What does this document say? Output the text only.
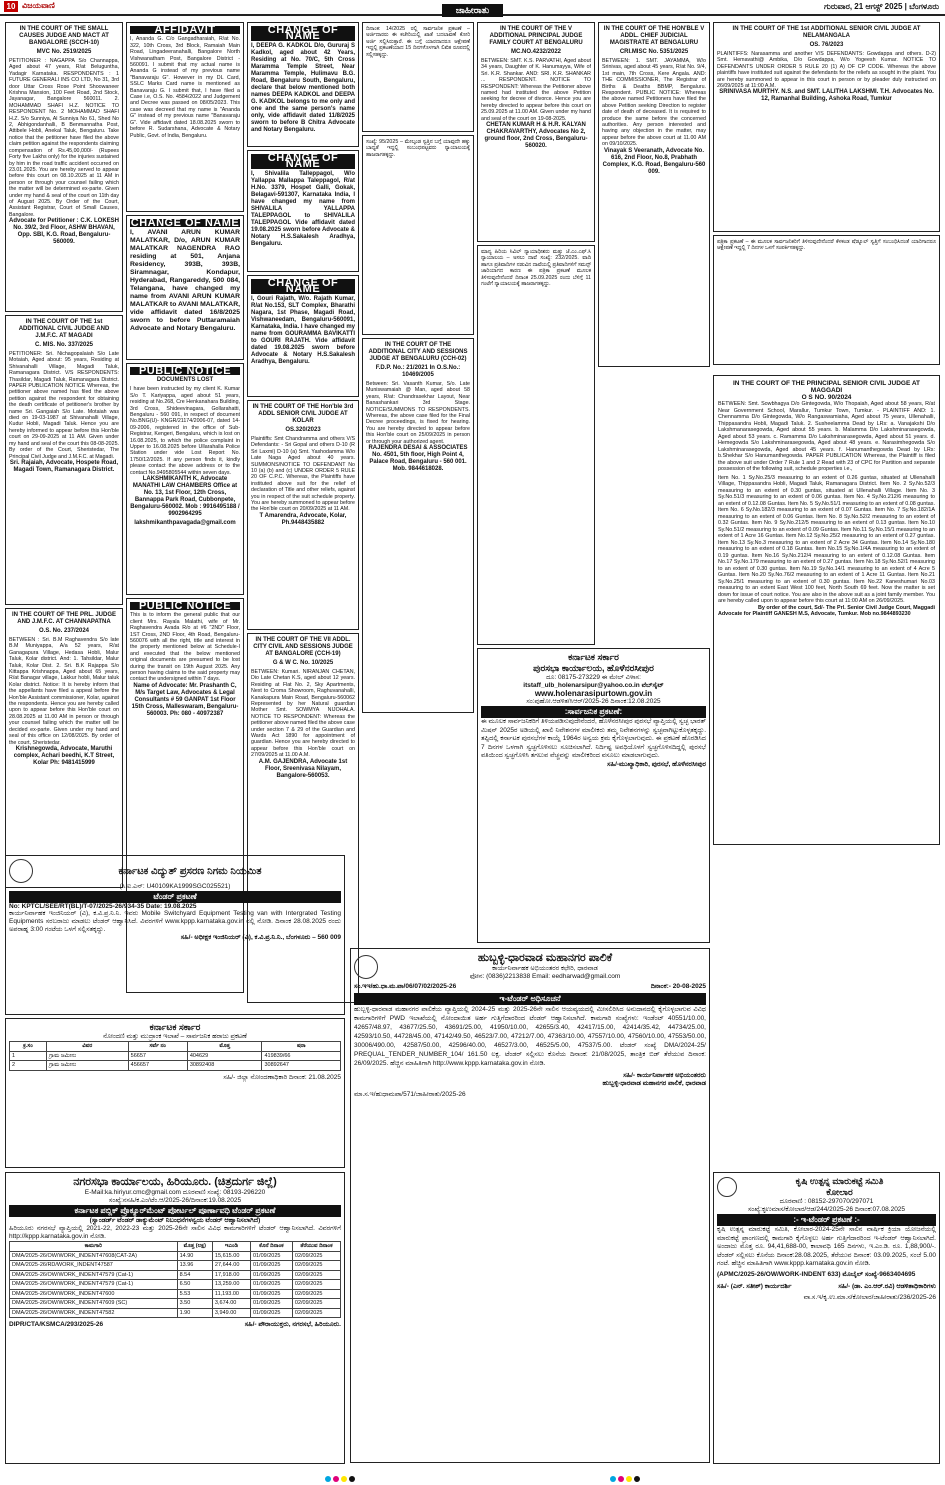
10 ವಿಜಯವಾಣಿ	ಜಾಹೀರಾತು	ಗುರುವಾರ, 21 ಆಗಸ್ಟ್ 2025 | ಬೆಂಗಳೂರು
IN THE COURT OF THE SMALL CAUSES JUDGE AND MACT AT BANGALORE (SCCH-10)
MVC No. 2519/2025
PETITIONER : NAGAPPA S/o Channappa, Aged about 47 years, R/at Beluguntha, Yadagir Karnataka. RESPONDENTS : 1 FUTURE GENERALI INS CO LTD, No 31, 3rd door Uttar Cross Rose Point Shoowaneer Krishna Mansion, 100 Feet Road, 2nd Stock, Jayanagar, Bangalore 560011. 2. MOHAMMAD SHAFI H.Z. NOTICE TO RESPONDENT No. 2 MOHAMMAD SHAFI H.Z. S/o Sunniya, Al Sunniya No 61, Shed No 2, Abhigondanhalli, B Benmannatha Post, Attibele Hobli, Anekal Taluk, Bengaluru. Take notice that the petitioner have filed the above claim petition against the respondents claiming compensation of Rs.45,00,000/- (Rupees Forty five Lakhs only) for the injuries sustained by him in the road traffic accident occurred on 23.01.2025. You are hereby served to appear before this court on 08.10.2025 at 11 AM in person or through your counsel failing which the matter will be determined ex-parte. Given under my hand & seal of the court on 11th day of August 2025. By Order of the Court, Assistant Registrar, Court of Small Causes, Bangalore.
Advocate for Petitioner : C.K. LOKESH No. 39/2, 3rd Floor, ASHW BHAVAN, Opp. SBI, K.G. Road, Bengaluru-560009.
IN THE COURT OF THE 1st ADDITIONAL CIVIL JUDGE AND J.M.F.C. AT MAGADI
C. MIS. No. 337/2025
PETITIONER: Sri. Nichagopalaiah S/o Late Motaiah, Aged about: 95 years, Residing at Shivanahalli Village, Magadi Taluk, Ramanagara District. V/S RESPONDENTS: Thasildar, Magadi Taluk, Ramanagara District. PAPER PUBLICATION NOTICE Whereas, the petitioner above named has filed the above petition against the respondent for obtaining the death certificate of petitioner's brother by name Sri. Gangaiah S/o Late. Motaiah was died on 19-03-1987 at Shivanahalli Village, Kudur Hobli, Magadi Taluk. Hence you are hereby informed to appear before this Hon'ble court on 29-09-2025 at 11 AM. Given under my hand and seal of the court this 08-08-2025. By order of the Court, Sheristedar, The Principal Civil Judge and J.M.F.C. at Magadi.
Sri. Rajaiah, Advocate, Hospete Road, Magadi Town, Ramanagara District.
IN THE COURT OF THE PRL. JUDGE AND J.M.F.C. AT CHANNAPATNA
O.S. No. 237/2024
BETWEEN : Sri. B.M Raghavendra S/o late B.M Muniyappa, A/a 52 years, R/at Ganagapura Village, Hedasa Hobli, Malur Taluk, Kolar district. And: 1. Tahsildar, Malur Taluk, Kolar Dist. 2. Sri. B.K Rajappa S/o Kittappa Krishnappa, Aged about 65 years, R/at Banagar village, Lakkur hobli, Malur taluk Kolar district. Notice: It is hereby inform that the appellants have filed a appeal before the Hon'ble Assistant commissioner, Kolar, against the respondents. Hence you are hereby called upon to appear before this Hon'ble court on 28.08.2025 at 11.00 AM in person or through your counsel failing which the matter will be decided ex-parte. Given under my hand and seal of this office on 12/08/2025. By order of the court, Sheristedar.
Krishnegowda, Advocate, Maruthi complex, Achari beedhi, K.T Street, Kolar Ph: 9481415999
AFFIDAVIT
I, Ananda G. C/o Gangadharaiah, R/at No. 322, 10th Cross, 3rd Block, Ramaiah Main Road, Lingadeeranahalli, Bangalore North Vishwanatham Post, Bangalore District - 560091. I submit that my actual name is Ananda G instead of my previous name "Banavaraju G". However in my DL Card, SSLC Marks Card name is mentioned as Banavaraju G. I submit that, I have filed a Case i.e, O.S. No. 4584/2022 and Judgement and Decree was passed on 08/05/2023. This case was decreed that my name is "Ananda G" instead of my previous name "Banavaraju G". Vide affidavit dated 18.08.2025 sworn to before R. Sudarshana, Advocate & Notary Public, Govt. of India, Bengaluru.
CHANGE OF NAME
I, AVANI ARUN KUMAR MALATKAR, D/o, ARUN KUMAR MALATKAR NAGENDRA RAO residing at 501, Anjana Residency, 393B, 393B, Siramnagar, Kondapur, Hyderabad, Rangareddy, 500 084, Telangana, have changed my name from AVANI ARUN KUMAR MALATKAR to AVANI MALATKAR, vide affidavit dated 16/8/2025 sworn to before Puttaramaiah Advocate and Notary Bengaluru.
PUBLIC NOTICE
DOCUMENTS LOST
I have been instructed by my client K. Kumar S/o T. Kariyappa, aged about 51 years, residing at No.268, Cre Henkanahara Building, 3rd Cross, Shideevinagara, Gollarahatti, Bengaluru - 560 091, in respect of document No.BNG(U)- KNGR/21174/2006-07, dated 14-09-2006, registered in the office of Sub-Registrar, Kengeri, Bengaluru, which is lost on 16.08.2025, to which the police complaint in Upper to 16.08.2025 before Ullarahalla Police Station under vide Lost Report No. 1750/12/2025. If any person finds it, kindly please contact the above address or to the contact No.9495805544 within seven days.
LAKSHMIKANTH K, Advocate MANATHI LAW CHAMBERS Office at No. 13, 1st Floor, 12th Cross, Bannappa Park Road, Cubbonpete, Bengaluru-560002. Mob : 9916495188 / 9902964295
lakshmikanthpavagada@gmail.com
PUBLIC NOTICE
This is to inform the general public that our client Mrs. Rayala Malathi, wife of Mr. Raghavendra Avada R/o at #6 "2ND" Floor, 1ST Cross, 2ND Floor, 4th Road, Bengaluru-560076 with all the right, title and interest in the property mentioned below at Schedule-I and executed that the below mentioned original documents are presumed to be lost during the transit on 19th August 2025. Any person having claims to the said property may contact the undersigned within 7 days.
Name of Advocate: Mr. Prashanth C, M/s Target Law, Advocates & Legal Consultants # 59 GANPAT 1st Floor 15th Cross, Malleswaram, Bengaluru-560003. Ph: 080 - 40972387
CHANGE OF NAME
I, DEEPA G. KADKOL D/o, Gururaj S Kadkol, aged about 42 Years, Residing at No. 70/C, 5th Cross Maramma Temple Street, Near Maramma Temple, Hulimavu B.G. Road, Bengaluru South, Bengaluru, declare that below mentioned both names DEEPA KADKOL and DEEPA G. KADKOL belongs to me only and one and the same person's name only, vide affidavit dated 11/8/2025 sworn to before B Chitra Advocate and Notary Bengaluru.
CHANGE OF NAME
I, Shivalila Talleppagol, W/o Yallappa Mallappa Taleppagol, R/at H.No. 3379, Hospet Galli, Gokak, Belagavi-591307, Karnataka India, I have changed my name from SHIVALILA YALLAPPA TALEPPAGOL to SHIVALILA TALEPPAGOL Vide affidavit dated 19.08.2025 sworn before Advocate & Notary H.S.Sakalesh Aradhya, Bengaluru.
CHANGE OF NAME
I, Gouri Rajath, W/o. Rajath Kumar, R/at No.153, SLT Complex, Bharathi Nagara, 1st Phase, Magadi Road, Vishwaneedam, Bengaluru-560091, Karnataka, India. I have changed my name from GOURAMMA BAVIKATTI to GOURI RAJATH. Vide affidavit dated 19.08.2025 sworn before Advocate & Notary H.S.Sakalesh Aradhya, Bengaluru.
IN THE COURT OF THE Hon'ble 3rd ADDL SENIOR CIVIL JUDGE AT KOLAR
OS.320/2023
Plaintiffs: Smt Chandramma and others V/S Defendants: - Sri Gopal and others D-10 (R Sri Laxmi) D-10 (a) Smt. Yashodamma W/o Late Naga Aged about 40 years. SUMMONS/NOTICE TO DEFENDANT No 10 (a) (b) and (c) UNDER ORDER 5 RULE 20 OF C.P.C. Whereas, the Plaintiffs have instituted above suit for the relief of declaration of Title and other reliefs, against you in respect of the suit schedule property. You are hereby summoned to appear before the Hon'ble court on 20/09/2025 at 11 AM.
T Amarendra, Advocate, Kolar, Ph.9448435882
IN THE COURT OF THE VII ADDL. CITY CIVIL AND SESSIONS JUDGE AT BANGALORE (CCH-19)
G & W C. No. 10/2025
BETWEEN: Kumari. NIRANJAN CHETAN, Dio Late Chetan K.S, aged about 12 years. Residing at Flat No. 2, Sky Apartments, Next to Croma Showroom, Raghuvanahalli, Kanakapura Main Road, Bengaluru-560062 Represented by her Natural guardian Mother Smt. SOWMYA NIJOHALA. NOTICE TO RESPONDENT: Whereas the petitioner above named filed the above case under section 7 & 29 of the Guardian and Wards Act 1890 for appointment of guardian. Hence you are hereby directed to appear before this Hon'ble court on 27/09/2025 at 11.00 A.M.
A.M. GAJENDRA, Advocate 1st Floor, Sreenivasa Nilayam, Bangalore-560053.
ದಿನಾಂಕ: 14/2025 ರಲ್ಲಿ ಸಾರ್ವಜನಿಕ ಪ್ರಕಟಣೆ – ಅರ್ಜಿದಾರರು ಈ ಕಚೇರಿಯಲ್ಲಿ ಖಾತೆ ಬದಲಾವಣೆ ಕೋರಿ ಅರ್ಜಿ ಸಲ್ಲಿಸಿರುತ್ತಾರೆ. ಈ ಬಗ್ಗೆ ಯಾರದಾದರೂ ಆಕ್ಷೇಪಣೆ ಇದ್ದಲ್ಲಿ ಪ್ರಕಟಣೆಯಾದ 15 ದಿನಗಳೊಳಗಾಗಿ ಲಿಖಿತ ರೂಪದಲ್ಲಿ ಸಲ್ಲಿಸತಕ್ಕದ್ದು.
ಸಂಖ್ಯೆ: 95/2025 – ಮೇಲ್ಕಂಡ ಸ್ವತ್ತಿನ ಬಗ್ಗೆ ಯಾವುದೇ ಹಕ್ಕು ಬಾಧ್ಯತೆ ಇದ್ದಲ್ಲಿ ಸಂಬಂಧಪಟ್ಟವರು ನ್ಯಾಯಾಲಯಕ್ಕೆ ಹಾಜರಾಗತಕ್ಕದ್ದು.
IN THE COURT OF THE ADDITIONAL CITY AND SESSIONS JUDGE AT BENGALURU (CCH-02)
F.D.P. No.: 21/2021 In O.S.No.: 10469/2005
Between: Sri. Vasanth Kumar, S/o. Late Muniswamaiah @ Man, aged about 58 years, R/at: Chandrasekhar Layout, Near Banashankari 3rd Stage. NOTICE/SUMMONS TO RESPONDENTS. Whereas, the above case filed for the Final Decree proceedings, is fixed for hearing. You are hereby directed to appear before this Hon'ble court on 25/09/2025 in person or through your authorized agent.
RAJENDRA DESAI & ASSOCIATES No. 4501, 5th floor, High Point 4, Palace Road, Bengaluru - 560 001. Mob. 9844618028.
IN THE COURT OF THE V ADDITIONAL PRINCIPAL JUDGE FAMILY COURT AT BENGALURU
MC.NO.4232/2022
BETWEEN: SMT. K.S. PARVATHI, Aged about 34 years, Daughter of K. Hanumayya, Wife of Sri. K.R. Shankar. AND: SRI. K.R. SHANKAR ... RESPONDENT. NOTICE TO RESPONDENT: Whereas the Petitioner above named had instituted the above Petition seeking for decree of divorce. Hence you are hereby directed to appear before this court on 25.09.2025 at 11.00 AM. Given under my hand and seal of the court on 19-08-2025.
CHETAN KUMAR H & H.R. KALYAN CHAKRAVARTHY, Advocates No 2, ground floor, 2nd Cross, Bengaluru-560020.
ಮಾನ್ಯ ಹಿರಿಯ ಸಿವಿಲ್ ನ್ಯಾಯಾಧೀಶರು ಮತ್ತು ಜೆ.ಎಂ.ಎಫ್.ಸಿ ನ್ಯಾಯಾಲಯ – ಅಸಲು ದಾವೆ ಸಂಖ್ಯೆ: 232/2025. ವಾದಿ ಹಾಗೂ ಪ್ರತಿವಾದಿಗಳ ನಡುವಿನ ದಾವೆಯಲ್ಲಿ ಪ್ರತಿವಾದಿಗಳಿಗೆ ಸಮನ್ಸ್ ಜಾರಿಯಾಗದ ಕಾರಣ ಈ ಪತ್ರಿಕಾ ಪ್ರಕಟಣೆ ಮೂಲಕ ತಿಳಿಸುವುದೇನೆಂದರೆ ದಿನಾಂಕ 25.09.2025 ರಂದು ಬೆಳಿಗ್ಗೆ 11 ಗಂಟೆಗೆ ನ್ಯಾಯಾಲಯಕ್ಕೆ ಹಾಜರಾಗತಕ್ಕದ್ದು.
IN THE COURT OF THE HON'BLE V ADDL. CHIEF JUDICIAL MAGISTRATE AT BENGALURU
CRI.MISC No. 5351/2025
BETWEEN: 1. SMT. JAYAMMA, W/o Srinivas, aged about 45 years, R/at No. 9/4, 1st main, 7th Cross, Kere Angala. AND: THE COMMISSIONER, The Registrar of Births & Deaths BBMP, Bengaluru. Respondent. PUBLIC NOTICE: Whereas the above named Petitioners have filed the above Petition seeking Direction to register date of death of deceased. It is required to produce the same before the concerned authorities. Any person interested and having any objection in the matter, may appear before the above court at 11.00 AM on 09/10/2025.
Vinayak S Veeranath, Advocate No. 616, 2nd Floor, No.8, Prabhath Complex, K.G. Road, Bengaluru-560 009.
IN THE COURT OF THE 1st ADDITIONAL SENIOR CIVIL JUDGE AT NELAMANGALA
OS. 76/2023
PLAINTIFFS: Narasamma and another V/S DEFENDANTS: Gowdappa and others. D-2) Smt. Hemavathi@ Ambika, D/o Gowdappa, W/o Yogeesh Kumar. NOTICE TO DEFENDANTS UNDER ORDER 5 RULE 20 (1) A) OF CP CODE. Whereas the above plaintiffs have instituted suit against the defendants for the reliefs as sought in the plaint. You are hereby summoned to appear in this court in person or by pleader duly instructed on 26/09/2025 at 11:00 A.M.
SRINIVASA MURTHY. N.S. and SMT. LALITHA LAKSHMI. T.H. Advocates No. 12, Ramanhal Building, Ashoka Road, Tumkur
ಪತ್ರಿಕಾ ಪ್ರಕಟಣೆ – ಈ ಮೂಲಕ ಸಾರ್ವಜನಿಕರಿಗೆ ತಿಳಿಸುವುದೇನೆಂದರೆ ಕೆಳಕಂಡ ಷೆಡ್ಯೂಲ್ ಸ್ವತ್ತಿಗೆ ಸಂಬಂಧಿಸಿದಂತೆ ಯಾರಿಗಾದರೂ ಆಕ್ಷೇಪಣೆ ಇದ್ದಲ್ಲಿ 7 ದಿನಗಳ ಒಳಗೆ ಸಂಪರ್ಕಿಸತಕ್ಕದ್ದು.
IN THE COURT OF THE PRINCIPAL SENIOR CIVIL JUDGE AT MAGGADI
O S NO. 90/2024
BETWEEN: Smt. Sowbhagya D/o Gintegowda, W/o Thopaiah, Aged about 58 years, R/at Near Government School, Marallur, Tumkur Town, Tumkur. - PLAINTIFF AND: 1. Chennamma D/o Gintegowda, W/o Rangaswamiaha, Aged about 75 years, Ullenahalli, Thippasandra Hobli, Magadi Taluk. 2. Susheelamma Dead by LRs: a. Vanajakshi D/o Lakshmanarasegowda, Aged about 55 years. b. Malamma D/o Lakshminarasegowda, Aged about 53 years. c. Ramamma D/o Lakshminarasegowda, Aged about 51 years. d. Hemegowda S/o Lakshminarasegowda, Aged about 48 years. e. Narasimhegowda S/o Lakshminarasegowda, Aged about 45 years. f. Hanumanthegowda Dead by LRs: b.Shekhar S/o Hanumanthegowda. PAPER PUBLICATION Whereas, the Plaintiff is filed the above suit under Order 7 Rule 1 and 2 Read with 23 of CPC for Partition and separate possession of the following suit, schedule properties i.e.,
Item No. 1 Sy.No.25/3 measuring to an extent of 0.26 guntas, situated at Ullenahalli Village, Thippasandra Hobli, Magadi Taluk, Ramanagara District. Item No. 2 Sy.No.52/3 measuring to an extent of 0.30 guntas, situated at Ullenahalli Village. Item No. 3 Sy.No.51/3 measuring to an extent of 0.06 guntas. Item No. 4 Sy.No.212/6 measuring to an extent of 0.12.08 Guntas. Item No. 5 Sy.No.51/1 measuring to an extent of 0.08 guntas. Item No. 6 Sy.No.182/3 measuring to an extent of 0.07 Guntas. Item No. 7 Sy.No.182/1A measuring to an extent of 0.06 Guntas. Item No. 8 Sy.No.52/2 measuring to an extent of 0.32 Guntas. Item No. 9 Sy.No.212/5 measuring to an extent of 0.13 guntas. Item No.10 Sy.No.51/2 measuring to an extent of 0.09 Guntas. Item No.11 Sy.No.15/1 measuring to an extent of 1 Acre 16 Guntas. Item No.12 Sy.No.25/2 measuring to an extent of 0.27 guntas. Item No.13 Sy.No.3 measuring to an extent of 2 Acre 34 Guntas. Item No.14 Sy.No.180 measuring to an extent of 0.18 Guntas. Item No.15 Sy.No.1/4A measuring to an extent of 0.19 guntas. Item No.16 Sy.No.212/4 measuring to an extent of 0.12.08 Guntas. Item No.17 Sy.No.179 measuring to an extent of 0.27 guntas. Item No.18 Sy.No.52/1 measuring to an extent of 0.30 guntas. Item No.19 Sy.No.14/1 measuring to an extent of 4 Acre 5 Guntas. Item No.20 Sy.No.76/2 measuring to an extent of 1 Acre 11 Guntas. Item No.21 Sy.No.25/1 measuring to an extent of 0.30 guntas. Item No.22 Kaneshumari No.03 measuring to an extent East West 100 feet, North South 69 feet. Now the matter is set down for issue of court notice. You are also in the above suit as a joint family member. You are hereby called upon to appear before this court at 11:00 AM on 26/09/2025.
By order of the court, Sd/- The Prl. Senior Civil Judge Court, Maggadi
Advocate for Plaintiff GANESH M.S, Advocate, Tumkur. Mob no.9844893230
ಕರ್ನಾಟಕ ವಿದ್ಯುತ್ ಪ್ರಸರಣ ನಿಗಮ ನಿಯಮಿತ
(ಸಿ.ಐ.ಎನ್: U40109KA1999SGC025521)
ಟೆಂಡರ್ ಪ್ರಕಟಣೆ
No: KPTCL/SEE/RT(BL)/T-07/2025-26/934-35 Date: 19.08.2025
ಕಾರ್ಯನಿರ್ವಾಹಕ ಇಂಜಿನಿಯರ್ (ವಿ), ಕ.ವಿ.ಪ್ರ.ನಿ.ನಿ. ಇವರು Mobile Switchyard Equipment Testing van with Intergrated Testing Equipments ಸರಬರಾಜು ಮಾಡಲು ಟೆಂಡರ್ ಆಹ್ವಾನಿಸಿದೆ. ವಿವರಗಳಿಗೆ www.kppp.karnataka.gov.in ನಲ್ಲಿ ನೋಡಿ. ದಿನಾಂಕ 28.08.2025 ರಂದು ಅಪರಾಹ್ನ 3:00 ಗಂಟೆಯ ಒಳಗೆ ಸಲ್ಲಿಸತಕ್ಕದ್ದು.
ಸಹಿ/- ಅಧೀಕ್ಷಕ ಇಂಜಿನಿಯರ್ (ವಿ), ಕ.ವಿ.ಪ್ರ.ನಿ.ನಿ., ಬೆಂಗಳೂರು – 560 009
ಕರ್ನಾಟಕ ಸರ್ಕಾರ
ನೋಂದಣಿ ಮತ್ತು ಮುದ್ರಾಂಕ ಇಲಾಖೆ – ಸಾರ್ವಜನಿಕ ಹರಾಜು ಪ್ರಕಟಣೆ
ಕ್ರ.ಸಂ	ವಿವರ	ಸರ್ವೆ ನಂ	ಮೊತ್ತ	ಷರಾ
1	ಗ್ರಾಮ ಜಮೀನು	56657	404629	419839/66
2	ಗ್ರಾಮ ಜಮೀನು	456657	30892408	30892647
ಸಹಿ/- ಜಿಲ್ಲಾ ನೋಂದಣಾಧಿಕಾರಿ ದಿನಾಂಕ: 21.08.2025
ನಗರಸಭಾ ಕಾರ್ಯಾಲಯ, ಹಿರಿಯೂರು. (ಚಿತ್ರದುರ್ಗ ಜಿಲ್ಲೆ)
E-Mail:ka.hiriyur.cmc@gmail.com ದೂರವಾಣಿ ಸಂಖ್ಯೆ: 08193-296220
ಸಂಖ್ಯೆ:ನಸಹಿ/ಕ.ಎಂ/ಟೆಂ.ಆ/2025-26/ದಿನಾಂಕ:19.08.2025
ಕರ್ನಾಟಕ ಪಬ್ಲಿಕ್ ಪ್ರೊಕ್ಯೂರ್‌ಮೆಂಟ್ ಪೋರ್ಟಲ್ ಪೂರ್ಣಾವಧಿ ಟೆಂಡರ್ ಪ್ರಕಟಣೆ
(ಸ್ವಾಂಡರ್ಡ್ ಟೆಂಡರ್ ಡಾಕ್ಯುಮೆಂಟ್ ನಿಬಂಧನೆಗಳನ್ವಯ ಟೆಂಡರ್ ಆಹ್ವಾನಿಸಲಾಗಿದೆ)
ಹಿರಿಯೂರು ನಗರಸಭೆ ವ್ಯಾಪ್ತಿಯಲ್ಲಿ 2021-22, 2022-23 ಮತ್ತು 2025-26ನೇ ಸಾಲಿನ ವಿವಿಧ ಕಾಮಗಾರಿಗಳಿಗೆ ಟೆಂಡರ್ ಆಹ್ವಾನಿಸಲಾಗಿದೆ. ವಿವರಗಳಿಗೆ http://kppp.karnataka.gov.in ನೋಡಿ.
ಕಾಮಗಾರಿ	ಮೊತ್ತ (ಲಕ್ಷ)	ಇಎಂಡಿ	ಕೊನೆ ದಿನಾಂಕ	ತೆರೆಯುವ ದಿನಾಂಕ
DMA/2025-26/OW/WORK_INDENT47608(CAT-2A)	14.90	15,615.00	01/09/2025	02/09/2025
DMA/2025-26/RD/WORK_INDENT47587	13.96	27,644.00	01/09/2025	02/09/2025
DMA/2025-26/OW/WORK_INDENT47579 (Cat-1)	8.54	17,918.00	01/09/2025	02/09/2025
DMA/2025-26/OW/WORK_INDENT47579 (Cat-1)	6.50	13,259.00	01/09/2025	02/09/2025
DMA/2025-26/OW/WORK_INDENT47600	5.53	11,193.00	01/09/2025	02/09/2025
DMA/2025-26/OW/WORK_INDENT47609 (SC)	3.50	3,674.00	01/09/2025	02/09/2025
DMA/2025-26/OW/WORK_INDENT47582	1.90	3,949.00	01/09/2025	02/09/2025
DIPR/CTA/KSMCA/293/2025-26	ಸಹಿ/- ಪೌರಾಯುಕ್ತರು, ನಗರಸಭೆ, ಹಿರಿಯೂರು.
ಕರ್ನಾಟಕ ಸರ್ಕಾರ
ಪುರಸಭಾ ಕಾರ್ಯಾಲಯ, ಹೊಳೆನರಸೀಪುರ
ದೂ: 08175-273229 ಈ ಮೇಲ್ ವಿಳಾಸ:
itstaff_ulb_holenarsipur@yahoo.co.in ವೆಬ್‌ಸೈಟ್
www.holenarasipurtown.gov.in
ಸಂ:ಪುಹೋ.ಆಡಳಿತ/ಸಿಆರ್/2025-26 ದಿನಾಂಕ:12.08.2025
:ಸಾರ್ವಜನಿಕ ಪ್ರಕಟಣೆ:
ಈ ಮೂಲಕ ಸಾರ್ವಜನಿಕರಿಗೆ ತಿಳಿಯಪಡಿಸುವುದೇನೆಂದರೆ, ಹೊಳೆನರಸೀಪುರ ಪುರಸಭೆ ವ್ಯಾಪ್ತಿಯಲ್ಲಿ ಸ್ವಚ್ಛ ಭಾರತ್ ಮಿಷನ್ 2025ರ ಅಡಿಯಲ್ಲಿ ಖಾಲಿ ನಿವೇಶನಗಳ ಮಾಲೀಕರು ತಮ್ಮ ನಿವೇಶನಗಳನ್ನು ಸ್ವಚ್ಛವಾಗಿಟ್ಟುಕೊಳ್ಳತಕ್ಕದ್ದು. ತಪ್ಪಿದಲ್ಲಿ ಕರ್ನಾಟಕ ಪುರಸಭೆಗಳ ಕಾಯ್ದೆ 1964ರ ಅನ್ವಯ ಕ್ರಮ ಕೈಗೊಳ್ಳಲಾಗುವುದು. ಈ ಪ್ರಕಟಣೆ ಹೊರಡಿಸಿದ 7 ದಿನಗಳ ಒಳಗಾಗಿ ಸ್ವಚ್ಛಗೊಳಿಸಲು ಸೂಚಿಸಲಾಗಿದೆ. ನಿರ್ದಿಷ್ಟ ಅವಧಿಯೊಳಗೆ ಸ್ವಚ್ಛಗೊಳಿಸದಿದ್ದಲ್ಲಿ ಪುರಸಭೆ ವತಿಯಿಂದ ಸ್ವಚ್ಛಗೊಳಿಸಿ ತಗಲುವ ವೆಚ್ಚವನ್ನು ಮಾಲೀಕರಿಂದ ವಸೂಲು ಮಾಡಲಾಗುವುದು.
ಸಹಿ/-ಮುಖ್ಯಾಧಿಕಾರಿ, ಪುರಸಭೆ, ಹೊಳೆನರಸೀಪುರ
ಹುಬ್ಬಳ್ಳಿ-ಧಾರವಾಡ ಮಹಾನಗರ ಪಾಲಿಕೆ
ಕಾರ್ಯನಿರ್ವಾಹಕ ಅಭಿಯಂತರರ ಕಛೇರಿ, ಧಾರವಾಡ
ಫೋನ: (0836)2213838 Email: eedharwad@gmail.com
ಸಂ.ಇಇ/ಹು.ಧಾ.ಮ.ಪಾ/06/07/02/2025-26	ದಿನಾಂಕ:- 20-08-2025
ಇ-ಟೆಂಡರ್ ಅಧಿಸೂಚನೆ
ಹುಬ್ಬಳ್ಳಿ-ಧಾರವಾಡ ಮಹಾನಗರ ಪಾಲಿಕೆಯ ವ್ಯಾಪ್ತಿಯಲ್ಲಿ 2024-25 ಮತ್ತು 2025-26ನೇ ಸಾಲಿನ ಆಯವ್ಯಯದಲ್ಲಿ ಮೀಸಲಿರಿಸಿದ ಅನುದಾನದಲ್ಲಿ ಕೈಗೊಳ್ಳಲಾಗುವ ವಿವಿಧ ಕಾಮಗಾರಿಗಳಿಗೆ PWD ಇಲಾಖೆಯಲ್ಲಿ ನೋಂದಾಯಿತ ಅರ್ಹ ಗುತ್ತಿಗೆದಾರರಿಂದ ಟೆಂಡರ್ ಆಹ್ವಾನಿಸಲಾಗಿದೆ. ಕಾಮಗಾರಿ ಸಂಖ್ಯೆಗಳು: ಇಂಡೆಂಟ್ 40551/10.00, 42657/48.97, 43677/25.50, 43691/25.00, 41950/10.00, 42655/3.40, 42417/15.00, 42414/35.42, 44734/25.00, 42593/10.50, 44728/45.00, 47142/49.50, 46523/7.00, 47212/7.00, 47363/10.00, 47557/10.00, 47560/10.00, 47553/50.00, 30006/490.00, 42587/50.00, 42596/40.00, 46527/3.00, 46525/5.00, 47537/5.00. ಟೆಂಡರ್ ಸಂಖ್ಯೆ DMA/2024-25/ PREQUAL_TENDER_NUMBER_104/ 161.50 ಲಕ್ಷ. ಟೆಂಡರ್ ಸಲ್ಲಿಸಲು ಕೊನೆಯ ದಿನಾಂಕ: 21/08/2025, ತಾಂತ್ರಿಕ ಬಿಡ್ ತೆರೆಯುವ ದಿನಾಂಕ: 26/09/2025. ಹೆಚ್ಚಿನ ಮಾಹಿತಿಗಾಗಿ http://www.kppp.karnataka.gov.in ನೋಡಿ.
ಸಹಿ/- ಕಾರ್ಯನಿರ್ವಾಹಕ ಅಭಿಯಂತರರು
ಹುಬ್ಬಳ್ಳಿ-ಧಾರವಾಡ ಮಹಾನಗರ ಪಾಲಿಕೆ, ಧಾರವಾಡ
ಮಾ.ಸ.ಇ/ಹುಧಾಮಪಾ/571/ಜಾಹೀರಾತು/2025-26
ಕೃಷಿ ಉತ್ಪನ್ನ ಮಾರುಕಟ್ಟೆ ಸಮಿತಿ
ಕೋಲಾರ
ದೂರವಾಣಿ : 08152-297070/297071
ಸಂಖ್ಯೆ:ಕೃಉಮಾಸ/ಕೋಲಾರ/ಆಡ/244/2025-26 ದಿನಾಂಕ:07.08.2025
:- ಇ-ಟೆಂಡರ್ ಪ್ರಕಟಣೆ :-
ಕೃಷಿ ಉತ್ಪನ್ನ ಮಾರುಕಟ್ಟೆ ಸಮಿತಿ, ಕೋಲಾರ-2024-25ನೇ ಸಾಲಿನ ವಾರ್ಷಿಕ ಕ್ರಿಯಾ ಯೋಜನೆಯಲ್ಲಿ ಮಾರುಕಟ್ಟೆ ಪ್ರಾಂಗಣದಲ್ಲಿ ಕಾಮಗಾರಿ ಕೈಗೊಳ್ಳಲು ಅರ್ಹ ಗುತ್ತಿಗೆದಾರರಿಂದ ಇ-ಟೆಂಡರ್ ಆಹ್ವಾನಿಸಲಾಗಿದೆ. ಅಂದಾಜು ಮೊತ್ತ ರೂ. 94,41,688-00, ಕಾಲಾವಧಿ 165 ದಿನಗಳು, ಇ.ಎಂ.ಡಿ. ರೂ. 1,88,900/-. ಟೆಂಡರ್ ಸಲ್ಲಿಸಲು ಕೊನೆಯ ದಿನಾಂಕ:28.08.2025, ತೆರೆಯುವ ದಿನಾಂಕ: 03.09.2025, ಸಂಜೆ 5.00 ಗಂಟೆ. ಹೆಚ್ಚಿನ ಮಾಹಿತಿಗಾಗಿ www.kppp.karnataka.gov.in ನೋಡಿ.
(APMC/2025-26/OW/WORK-INDENT 633) ಮೊಬೈಲ್ ಸಂಖ್ಯೆ-9663404695
ಸಹಿ/- (ಎನ್. ಸತೀಶ್) ಕಾರ್ಯದರ್ಶಿ	ಸಹಿ/- (ಡಾ. ಎಂ.ಆರ್.ರವಿ) ಆಡಳಿತಾಧಿಕಾರಿಗಳು
ವಾ.ಸ.ಇ/ಕೃ.ಉ.ಮಾ.ಸ/ಕೋಲಾರ/ಜಾಹೀರಾತು/236/2025-26
